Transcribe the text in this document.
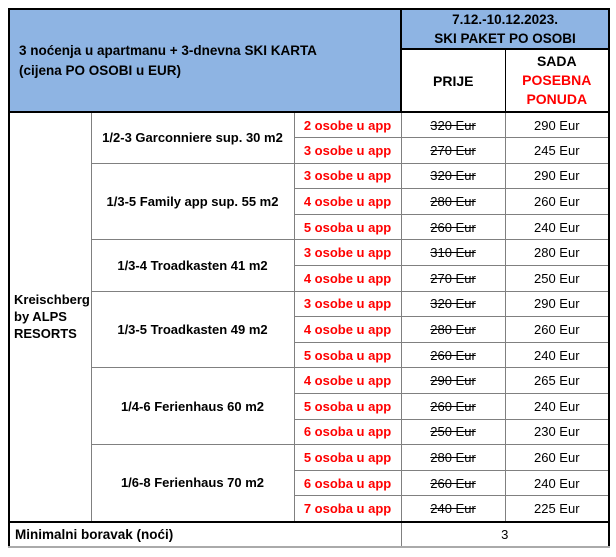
3 noćenja u apartmanu + 3-dnevna SKI KARTA
(cijena PO OSOBI u EUR)

7.12.-10.12.2023.
SKI PAKET PO OSOBI

			PRIJE	SADA
POSEBNA
PONUDA

Kreischberg
by ALPS
RESORTS	1/2-3 Garconniere sup. 30 m2	2 osobe u app	320 Eur	290 Eur
		3 osobe u app	270 Eur	245 Eur
	1/3-5 Family app sup. 55 m2	3 osobe u app	320 Eur	290 Eur
		4 osobe u app	280 Eur	260 Eur
		5 osoba u app	260 Eur	240 Eur
	1/3-4 Troadkasten 41 m2	3 osobe u app	310 Eur	280 Eur
		4 osobe u app	270 Eur	250 Eur
	1/3-5 Troadkasten 49 m2	3 osobe u app	320 Eur	290 Eur
		4 osobe u app	280 Eur	260 Eur
		5 osoba u app	260 Eur	240 Eur
	1/4-6 Ferienhaus 60 m2	4 osobe u app	290 Eur	265 Eur
		5 osoba u app	260 Eur	240 Eur
		6 osoba u app	250 Eur	230 Eur
	1/6-8 Ferienhaus 70 m2	5 osoba u app	280 Eur	260 Eur
		6 osoba u app	260 Eur	240 Eur
		7 osoba u app	240 Eur	225 Eur
Minimalni boravak (noći)			3	
